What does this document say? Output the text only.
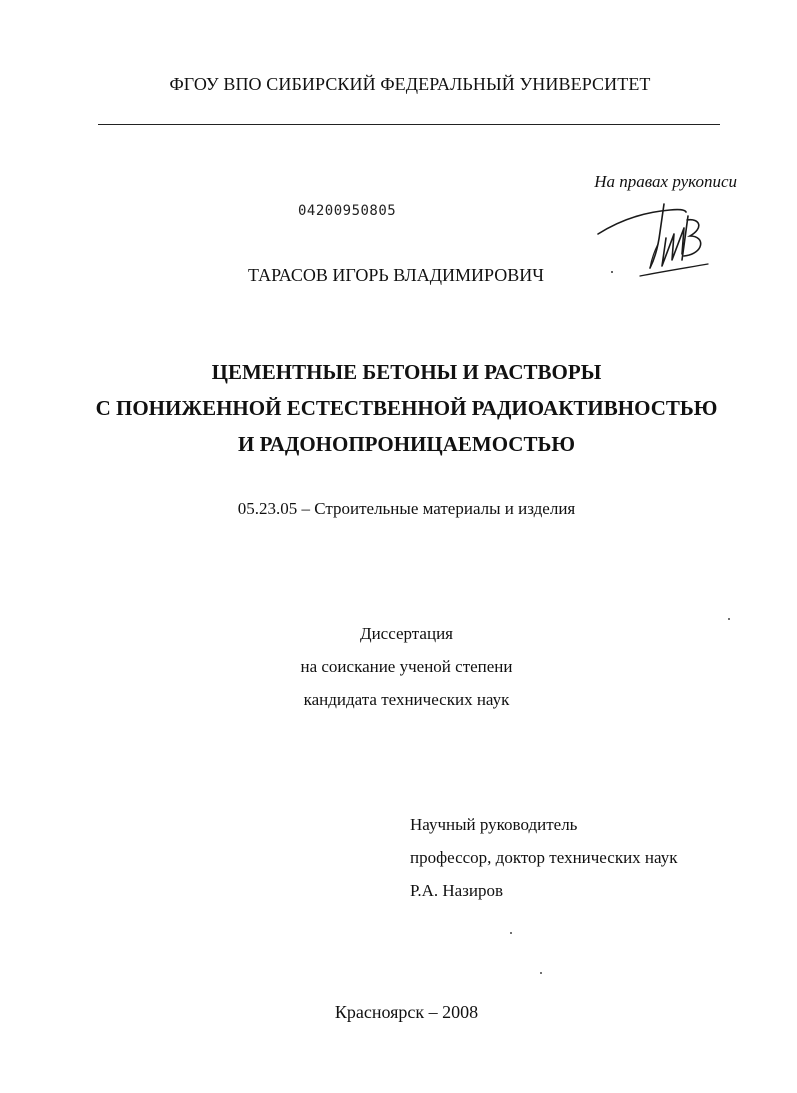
ФГОУ ВПО СИБИРСКИЙ ФЕДЕРАЛЬНЫЙ УНИВЕРСИТЕТ
На правах рукописи
04200950805
ТАРАСОВ ИГОРЬ ВЛАДИМИРОВИЧ
ЦЕМЕНТНЫЕ БЕТОНЫ И РАСТВОРЫ
С ПОНИЖЕННОЙ ЕСТЕСТВЕННОЙ РАДИОАКТИВНОСТЬЮ
И РАДОНОПРОНИЦАЕМОСТЬЮ
05.23.05 – Строительные материалы и изделия
Диссертация
на соискание ученой степени
кандидата технических наук
Научный руководитель
профессор, доктор технических наук
Р.А. Назиров
Красноярск – 2008
